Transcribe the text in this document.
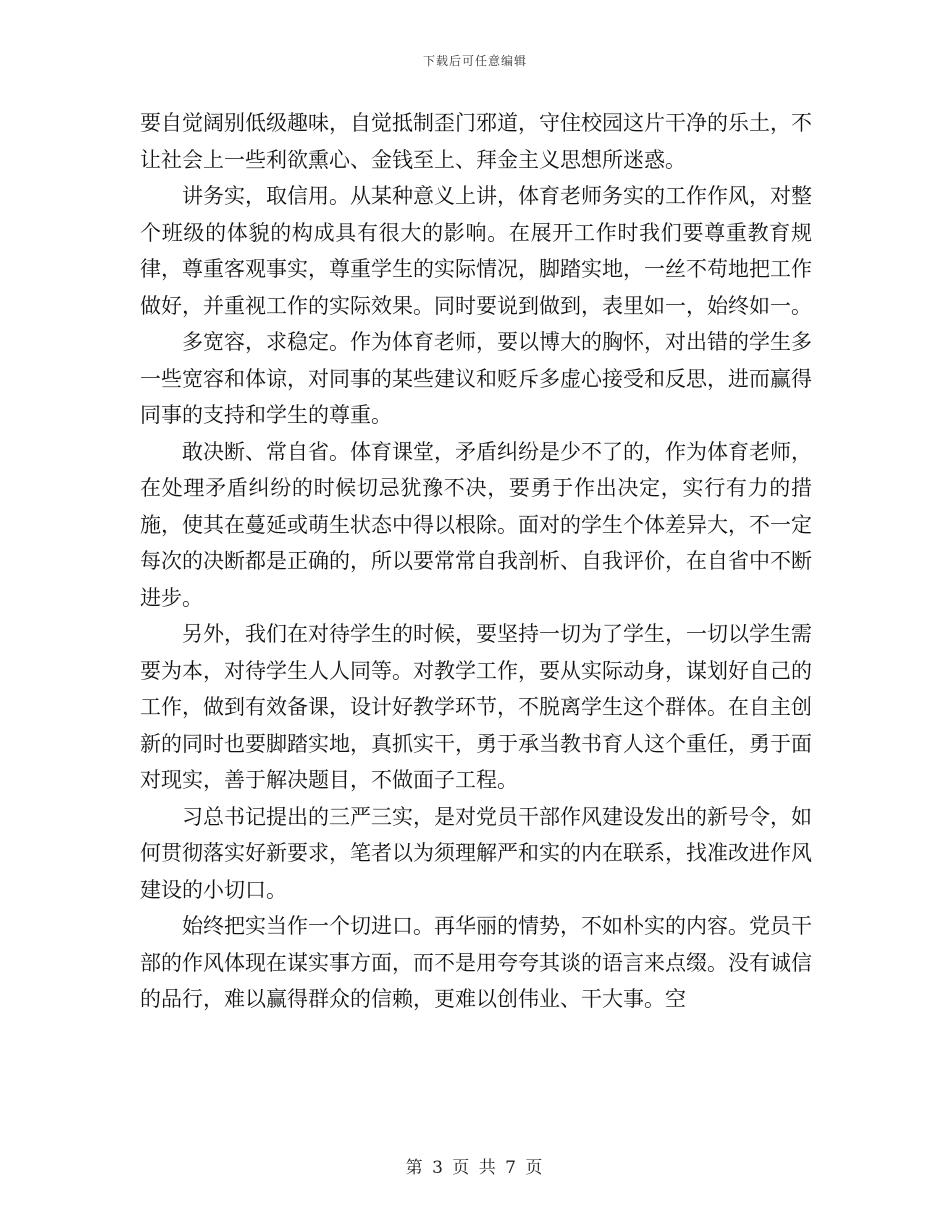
下载后可任意编辑

要自觉阔别低级趣味，自觉抵制歪门邪道，守住校园这片干净的乐土，不让社会上一些利欲熏心、金钱至上、拜金主义思想所迷惑。

讲务实，取信用。从某种意义上讲，体育老师务实的工作作风，对整个班级的体貌的构成具有很大的影响。在展开工作时我们要尊重教育规律，尊重客观事实，尊重学生的实际情况，脚踏实地，一丝不苟地把工作做好，并重视工作的实际效果。同时要说到做到，表里如一，始终如一。

多宽容，求稳定。作为体育老师，要以博大的胸怀，对出错的学生多一些宽容和体谅，对同事的某些建议和贬斥多虚心接受和反思，进而赢得同事的支持和学生的尊重。

敢决断、常自省。体育课堂，矛盾纠纷是少不了的，作为体育老师，在处理矛盾纠纷的时候切忌犹豫不决，要勇于作出决定，实行有力的措施，使其在蔓延或萌生状态中得以根除。面对的学生个体差异大，不一定每次的决断都是正确的，所以要常常自我剖析、自我评价，在自省中不断进步。

另外，我们在对待学生的时候，要坚持一切为了学生，一切以学生需要为本，对待学生人人同等。对教学工作，要从实际动身，谋划好自己的工作，做到有效备课，设计好教学环节，不脱离学生这个群体。在自主创新的同时也要脚踏实地，真抓实干，勇于承当教书育人这个重任，勇于面对现实，善于解决题目，不做面子工程。

习总书记提出的三严三实，是对党员干部作风建设发出的新号令，如何贯彻落实好新要求，笔者以为须理解严和实的内在联系，找准改进作风建设的小切口。

始终把实当作一个切进口。再华丽的情势，不如朴实的内容。党员干部的作风体现在谋实事方面，而不是用夸夸其谈的语言来点缀。没有诚信的品行，难以赢得群众的信赖，更难以创伟业、干大事。空

第 3 页 共 7 页
